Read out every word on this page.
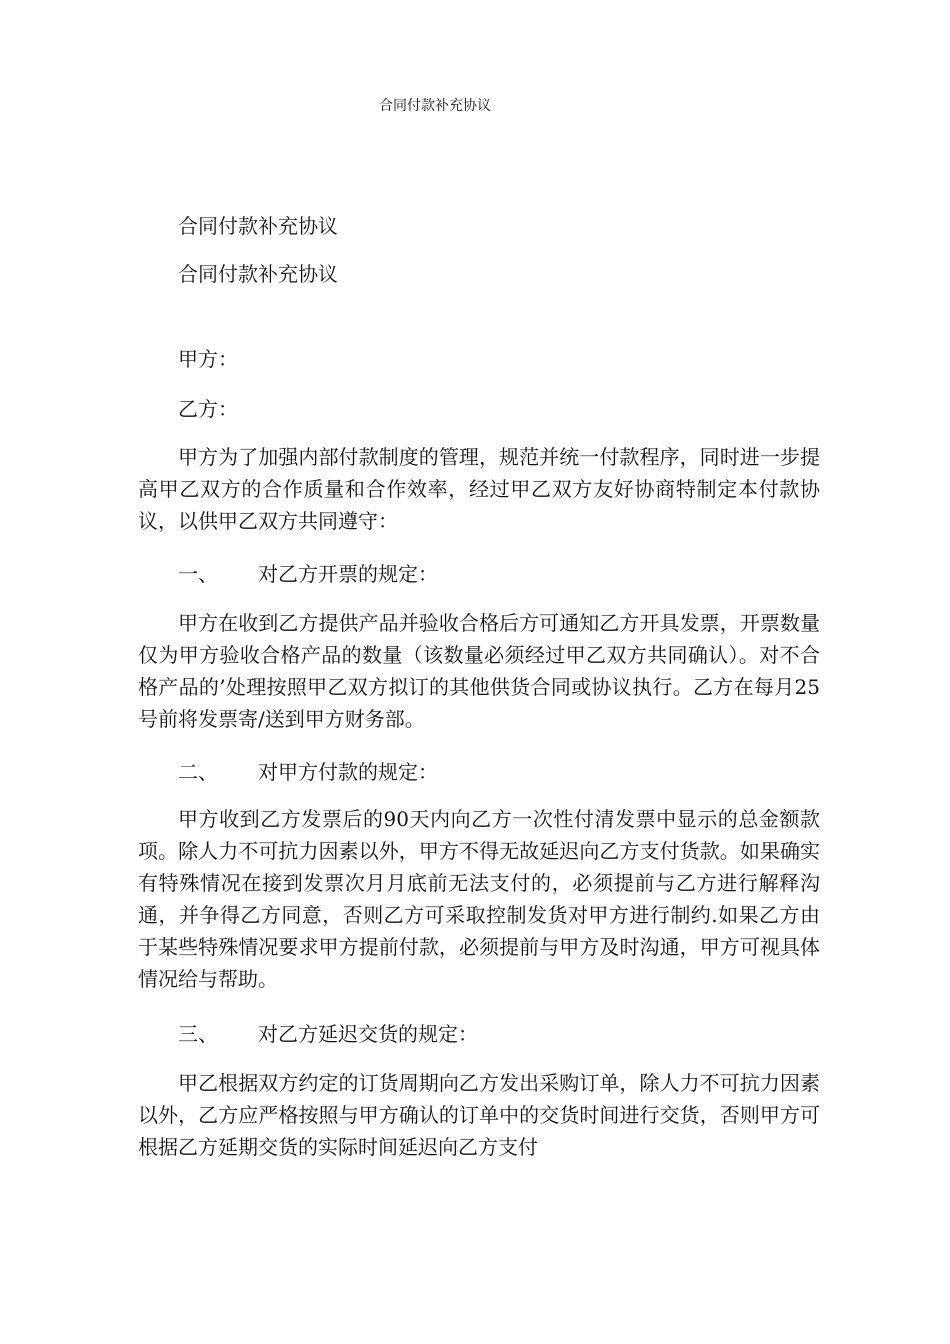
合同付款补充协议
合同付款补充协议
合同付款补充协议
甲方：
乙方：
甲方为了加强内部付款制度的管理，规范并统一付款程序，同时进一步提高甲乙双方的合作质量和合作效率，经过甲乙双方友好协商特制定本付款协议，以供甲乙双方共同遵守：
一、 对乙方开票的规定：
甲方在收到乙方提供产品并验收合格后方可通知乙方开具发票，开票数量仅为甲方验收合格产品的数量（该数量必须经过甲乙双方共同确认）。对不合格产品的’处理按照甲乙双方拟订的其他供货合同或协议执行。乙方在每月25号前将发票寄/送到甲方财务部。
二、 对甲方付款的规定：
甲方收到乙方发票后的90天内向乙方一次性付清发票中显示的总金额款项。除人力不可抗力因素以外，甲方不得无故延迟向乙方支付货款。如果确实有特殊情况在接到发票次月月底前无法支付的，必须提前与乙方进行解释沟通，并争得乙方同意，否则乙方可采取控制发货对甲方进行制约.如果乙方由于某些特殊情况要求甲方提前付款，必须提前与甲方及时沟通，甲方可视具体情况给与帮助。
三、 对乙方延迟交货的规定：
甲乙根据双方约定的订货周期向乙方发出采购订单，除人力不可抗力因素以外，乙方应严格按照与甲方确认的订单中的交货时间进行交货，否则甲方可根据乙方延期交货的实际时间延迟向乙方支付
